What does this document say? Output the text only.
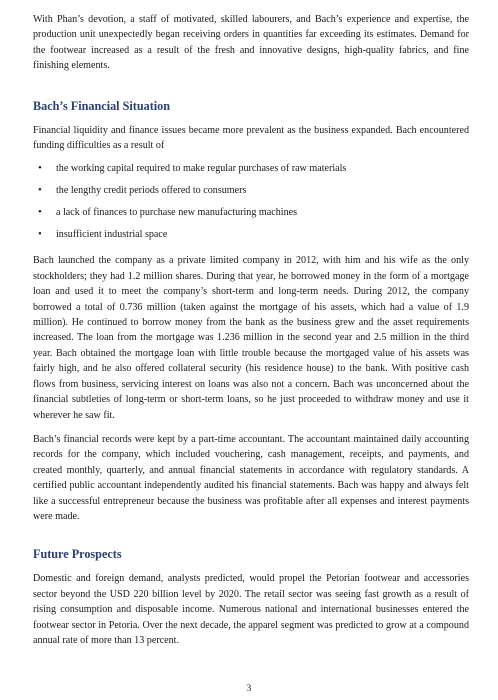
With Phan’s devotion, a staff of motivated, skilled labourers, and Bach’s experience and expertise, the production unit unexpectedly began receiving orders in quantities far exceeding its estimates. Demand for the footwear increased as a result of the fresh and innovative designs, high-quality fabrics, and fine finishing elements.

Bach’s Financial Situation

Financial liquidity and finance issues became more prevalent as the business expanded. Bach encountered funding difficulties as a result of

• the working capital required to make regular purchases of raw materials
• the lengthy credit periods offered to consumers
• a lack of finances to purchase new manufacturing machines
• insufficient industrial space

Bach launched the company as a private limited company in 2012, with him and his wife as the only stockholders; they had 1.2 million shares. During that year, he borrowed money in the form of a mortgage loan and used it to meet the company’s short-term and long-term needs. During 2012, the company borrowed a total of 0.736 million (taken against the mortgage of his assets, which had a value of 1.9 million). He continued to borrow money from the bank as the business grew and the asset requirements increased. The loan from the mortgage was 1.236 million in the second year and 2.5 million in the third year. Bach obtained the mortgage loan with little trouble because the mortgaged value of his assets was fairly high, and he also offered collateral security (his residence house) to the bank. With positive cash flows from business, servicing interest on loans was also not a concern. Bach was unconcerned about the financial subtleties of long-term or short-term loans, so he just proceeded to withdraw money and use it wherever he saw fit.

Bach’s financial records were kept by a part-time accountant. The accountant maintained daily accounting records for the company, which included vouchering, cash management, receipts, and payments, and created monthly, quarterly, and annual financial statements in accordance with regulatory standards. A certified public accountant independently audited his financial statements. Bach was happy and always felt like a successful entrepreneur because the business was profitable after all expenses and interest payments were made.

Future Prospects

Domestic and foreign demand, analysts predicted, would propel the Petorian footwear and accessories sector beyond the USD 220 billion level by 2020. The retail sector was seeing fast growth as a result of rising consumption and disposable income. Numerous national and international businesses entered the footwear sector in Petoria. Over the next decade, the apparel segment was predicted to grow at a compound annual rate of more than 13 percent.

3
